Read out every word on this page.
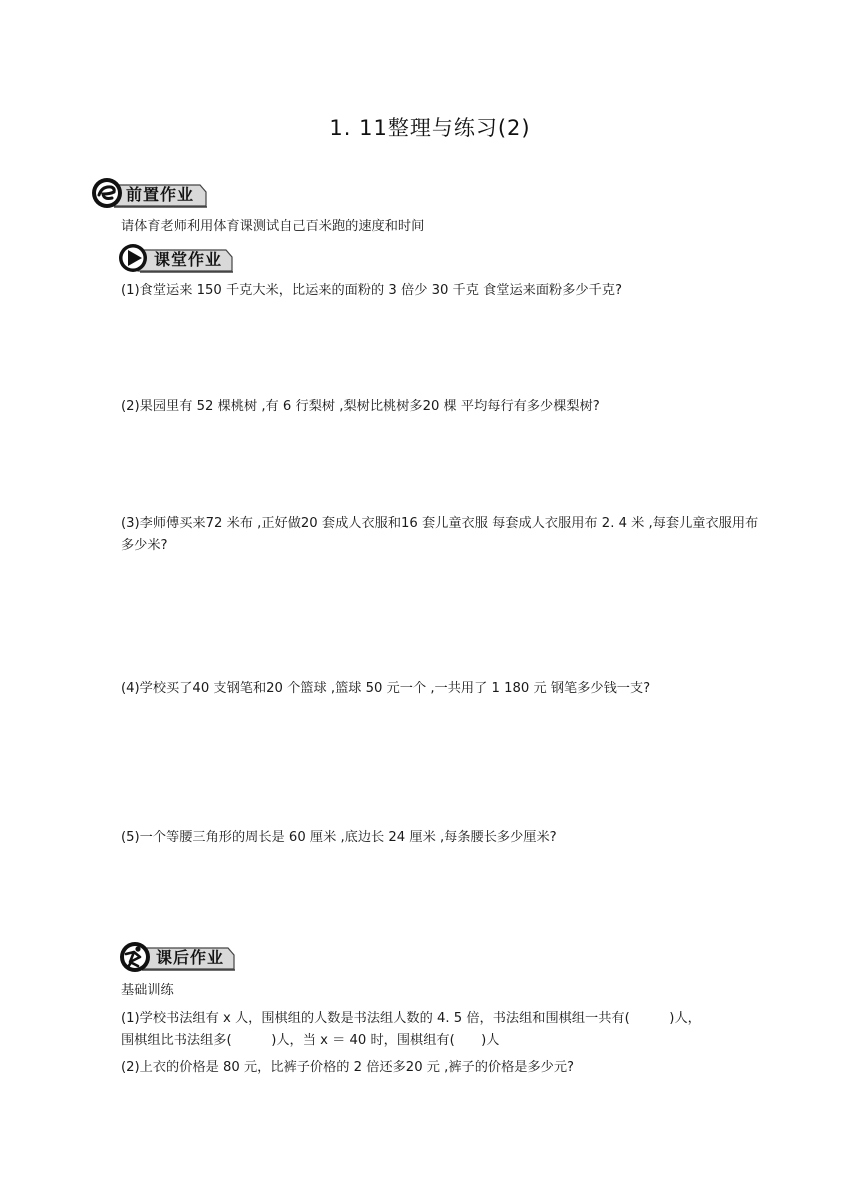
1. 11整理与练习(2)
前置作业
请体育老师利用体育课测试自己百米跑的速度和时间
课堂作业
(1)食堂运来 150 千克大米，比运来的面粉的 3 倍少 30 千克 食堂运来面粉多少千克?
(2)果园里有 52 棵桃树 ,有 6 行梨树 ,梨树比桃树多20 棵 平均每行有多少棵梨树?
(3)李师傅买来72 米布 ,正好做20 套成人衣服和16 套儿童衣服 每套成人衣服用布 2. 4 米 ,每套儿童衣服用布多少米?
(4)学校买了40 支钢笔和20 个篮球 ,篮球 50 元一个 ,一共用了 1 180 元 钢笔多少钱一支?
(5)一个等腰三角形的周长是 60 厘米 ,底边长 24 厘米 ,每条腰长多少厘米?
课后作业
基础训练
(1)学校书法组有 x 人，围棋组的人数是书法组人数的 4. 5 倍，书法组和围棋组一共有(　　　)人，
围棋组比书法组多(　　　)人，当 x ＝ 40 时，围棋组有(　　)人
(2)上衣的价格是 80 元，比裤子价格的 2 倍还多20 元 ,裤子的价格是多少元?
